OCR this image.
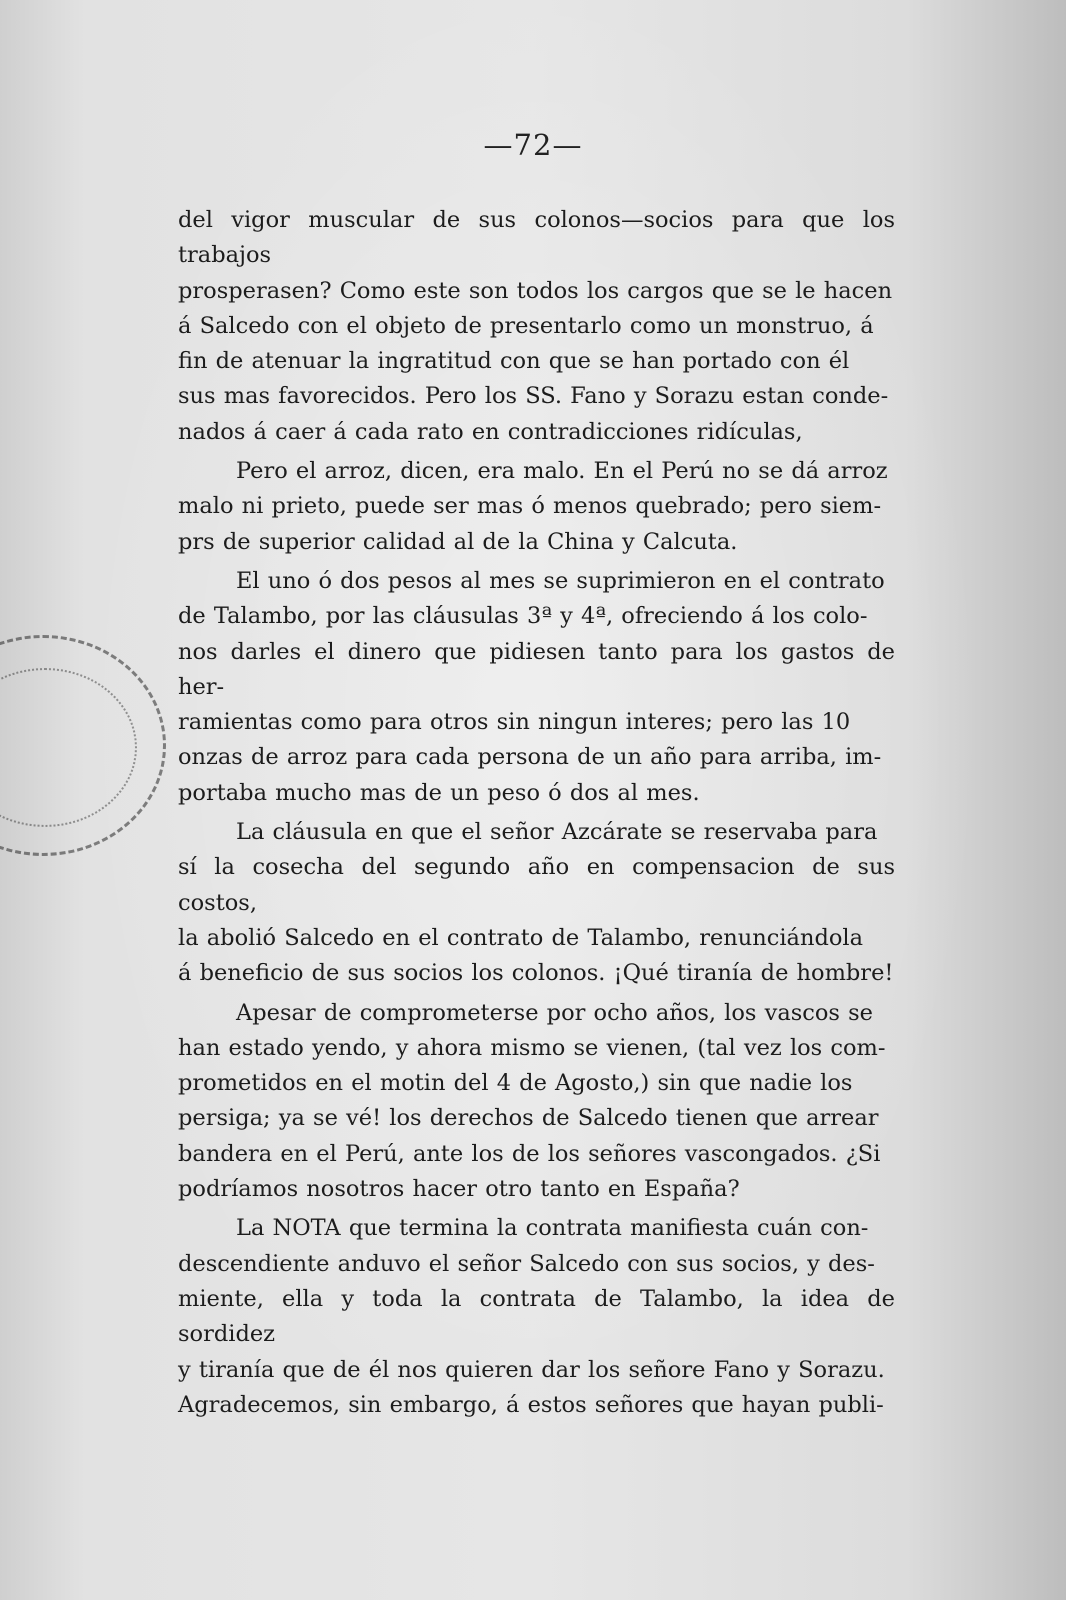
—72—

del vigor muscular de sus colonos—socios para que los trabajos
prosperasen? Como este son todos los cargos que se le hacen
á Salcedo con el objeto de presentarlo como un monstruo, á
fin de atenuar la ingratitud con que se han portado con él
sus mas favorecidos. Pero los SS. Fano y Sorazu estan conde-
nados á caer á cada rato en contradicciones ridículas,

Pero el arroz, dicen, era malo. En el Perú no se dá arroz
malo ni prieto, puede ser mas ó menos quebrado; pero siem-
prs de superior calidad al de la China y Calcuta.

El uno ó dos pesos al mes se suprimieron en el contrato
de Talambo, por las cláusulas 3ª y 4ª, ofreciendo á los colo-
nos darles el dinero que pidiesen tanto para los gastos de her-
ramientas como para otros sin ningun interes; pero las 10
onzas de arroz para cada persona de un año para arriba, im-
portaba mucho mas de un peso ó dos al mes.

La cláusula en que el señor Azcárate se reservaba para
sí la cosecha del segundo año en compensacion de sus costos,
la abolió Salcedo en el contrato de Talambo, renunciándola
á beneficio de sus socios los colonos. ¡Qué tiranía de hombre!

Apesar de comprometerse por ocho años, los vascos se
han estado yendo, y ahora mismo se vienen, (tal vez los com-
prometidos en el motin del 4 de Agosto,) sin que nadie los
persiga; ya se vé! los derechos de Salcedo tienen que arrear
bandera en el Perú, ante los de los señores vascongados. ¿Si
podríamos nosotros hacer otro tanto en España?

La NOTA que termina la contrata manifiesta cuán con-
descendiente anduvo el señor Salcedo con sus socios, y des-
miente, ella y toda la contrata de Talambo, la idea de sordidez
y tiranía que de él nos quieren dar los señore Fano y Sorazu.
Agradecemos, sin embargo, á estos señores que hayan publi-
